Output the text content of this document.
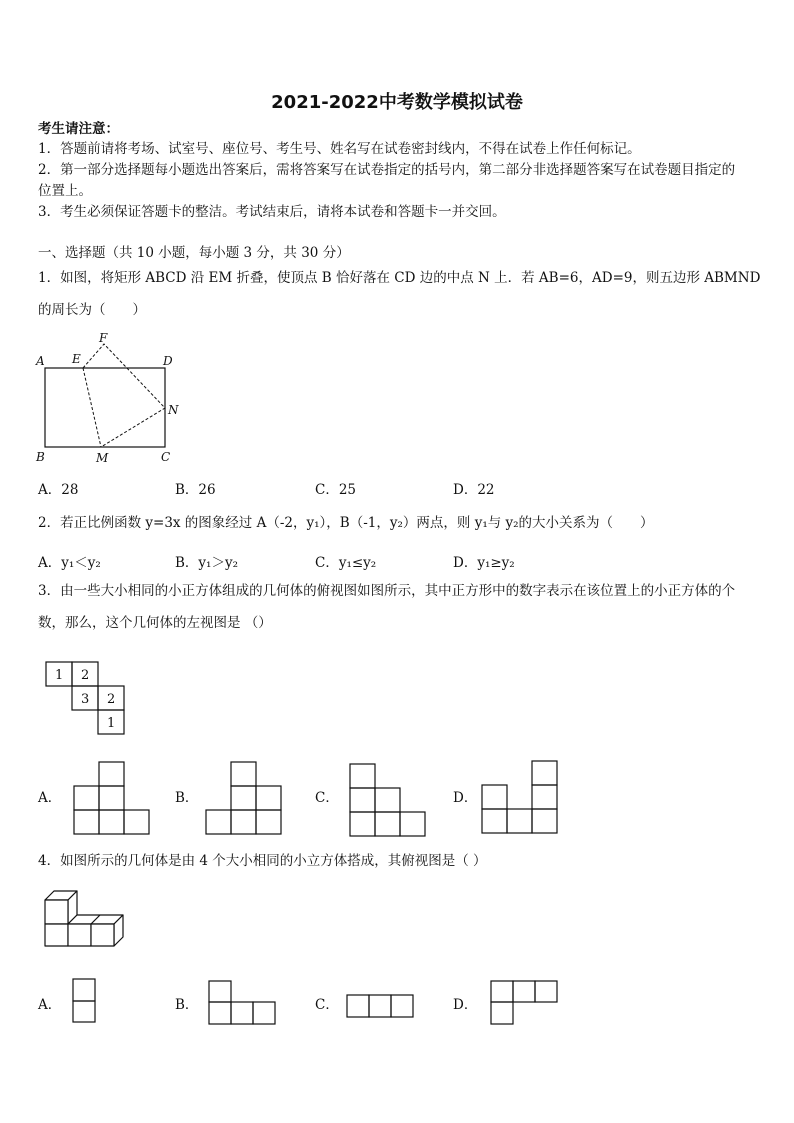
2021-2022中考数学模拟试卷
考生请注意：
1．答题前请将考场、试室号、座位号、考生号、姓名写在试卷密封线内，不得在试卷上作任何标记。
2．第一部分选择题每小题选出答案后，需将答案写在试卷指定的括号内，第二部分非选择题答案写在试卷题目指定的
位置上。
3．考生必须保证答题卡的整洁。考试结束后，请将本试卷和答题卡一并交回。
一、选择题（共 10 小题，每小题 3 分，共 30 分）
1．如图，将矩形 ABCD 沿 EM 折叠，使顶点 B 恰好落在 CD 边的中点 N 上．若 AB=6，AD=9，则五边形 ABMND
的周长为（　　）
A E
F
D
N
B	M	C
A．28	B．26	C．25	D．22
2．若正比例函数 y=3x 的图象经过 A（-2，y₁），B（-1，y₂）两点，则 y₁与 y₂的大小关系为（　　）
A．y₁＜y₂	B．y₁＞y₂	C．y₁≤y₂	D．y₁≥y₂
3．由一些大小相同的小正方体组成的几何体的俯视图如图所示，其中正方形中的数字表示在该位置上的小正方体的个
数，那么，这个几何体的左视图是 （）
1 2
3 2
1
A．	B．	C．	D．
4．如图所示的几何体是由 4 个大小相同的小立方体搭成，其俯视图是（ ）
A．	B．	C．	D．
